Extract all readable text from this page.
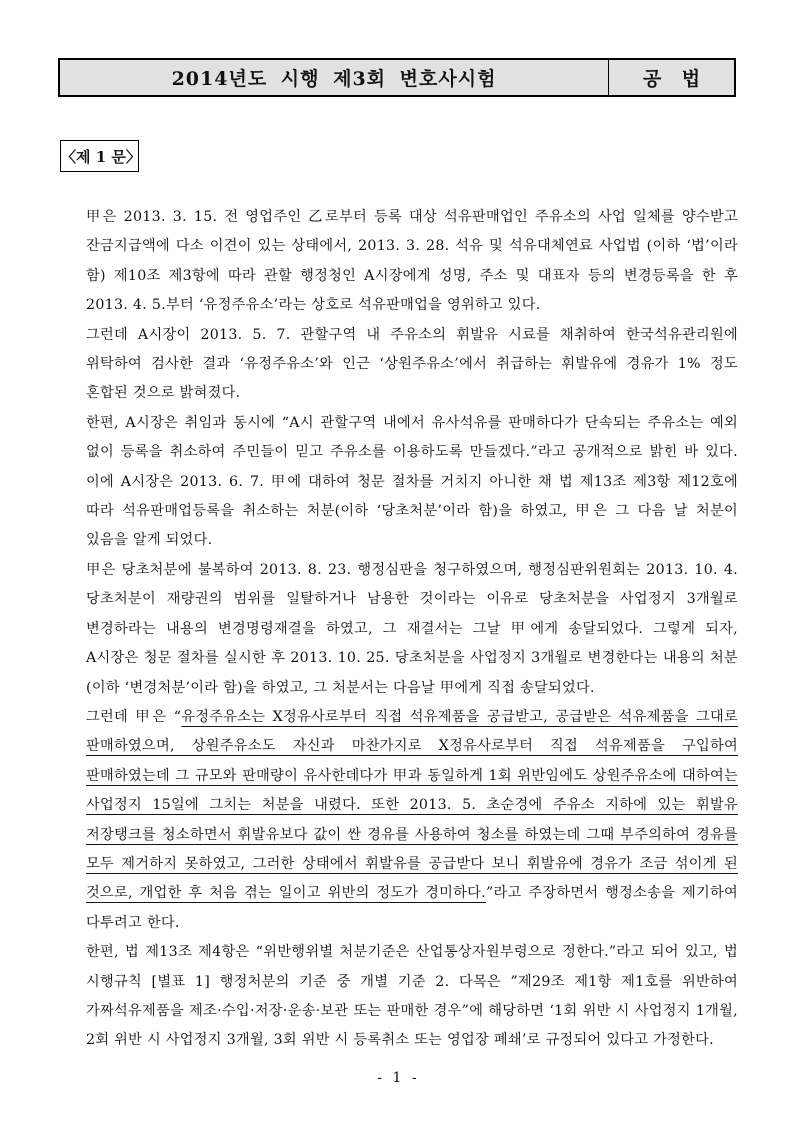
2014년도 시행 제3회 변호사시험	공 법
〈제 1 문〉

甲은 2013. 3. 15. 전 영업주인 乙로부터 등록 대상 석유판매업인 주유소의 사업 일체를 양수받고 잔금지급액에 다소 이견이 있는 상태에서, 2013. 3. 28. 석유 및 석유대체연료 사업법 (이하 ‘법’이라 함) 제10조 제3항에 따라 관할 행정청인 A시장에게 성명, 주소 및 대표자 등의 변경등록을 한 후 2013. 4. 5.부터 ‘유정주유소’라는 상호로 석유판매업을 영위하고 있다.

그런데 A시장이 2013. 5. 7. 관할구역 내 주유소의 휘발유 시료를 채취하여 한국석유관리원에 위탁하여 검사한 결과 ‘유정주유소’와 인근 ‘상원주유소’에서 취급하는 휘발유에 경유가 1% 정도 혼합된 것으로 밝혀졌다.

한편, A시장은 취임과 동시에 “A시 관할구역 내에서 유사석유를 판매하다가 단속되는 주유소는 예외 없이 등록을 취소하여 주민들이 믿고 주유소를 이용하도록 만들겠다.”라고 공개적으로 밝힌 바 있다. 이에 A시장은 2013. 6. 7. 甲에 대하여 청문 절차를 거치지 아니한 채 법 제13조 제3항 제12호에 따라 석유판매업등록을 취소하는 처분(이하 ‘당초처분’이라 함)을 하였고, 甲은 그 다음 날 처분이 있음을 알게 되었다.

甲은 당초처분에 불복하여 2013. 8. 23. 행정심판을 청구하였으며, 행정심판위원회는 2013. 10. 4. 당초처분이 재량권의 범위를 일탈하거나 남용한 것이라는 이유로 당초처분을 사업정지 3개월로 변경하라는 내용의 변경명령재결을 하였고, 그 재결서는 그날 甲에게 송달되었다. 그렇게 되자, A시장은 청문 절차를 실시한 후 2013. 10. 25. 당초처분을 사업정지 3개월로 변경한다는 내용의 처분(이하 ‘변경처분’이라 함)을 하였고, 그 처분서는 다음날 甲에게 직접 송달되었다.

그런데 甲은 “유정주유소는 X정유사로부터 직접 석유제품을 공급받고, 공급받은 석유제품을 그대로 판매하였으며, 상원주유소도 자신과 마찬가지로 X정유사로부터 직접 석유제품을 구입하여 판매하였는데 그 규모와 판매량이 유사한데다가 甲과 동일하게 1회 위반임에도 상원주유소에 대하여는 사업정지 15일에 그치는 처분을 내렸다. 또한 2013. 5. 초순경에 주유소 지하에 있는 휘발유 저장탱크를 청소하면서 휘발유보다 값이 싼 경유를 사용하여 청소를 하였는데 그때 부주의하여 경유를 모두 제거하지 못하였고, 그러한 상태에서 휘발유를 공급받다 보니 휘발유에 경유가 조금 섞이게 된 것으로, 개업한 후 처음 겪는 일이고 위반의 정도가 경미하다.”라고 주장하면서 행정소송을 제기하여 다투려고 한다.

한편, 법 제13조 제4항은 “위반행위별 처분기준은 산업통상자원부령으로 정한다.”라고 되어 있고, 법 시행규칙 [별표 1] 행정처분의 기준 중 개별 기준 2. 다목은 ”제29조 제1항 제1호를 위반하여 가짜석유제품을 제조·수입·저장·운송·보관 또는 판매한 경우”에 해당하면 ‘1회 위반 시 사업정지 1개월, 2회 위반 시 사업정지 3개월, 3회 위반 시 등록취소 또는 영업장 폐쇄’로 규정되어 있다고 가정한다.

- 1 -
